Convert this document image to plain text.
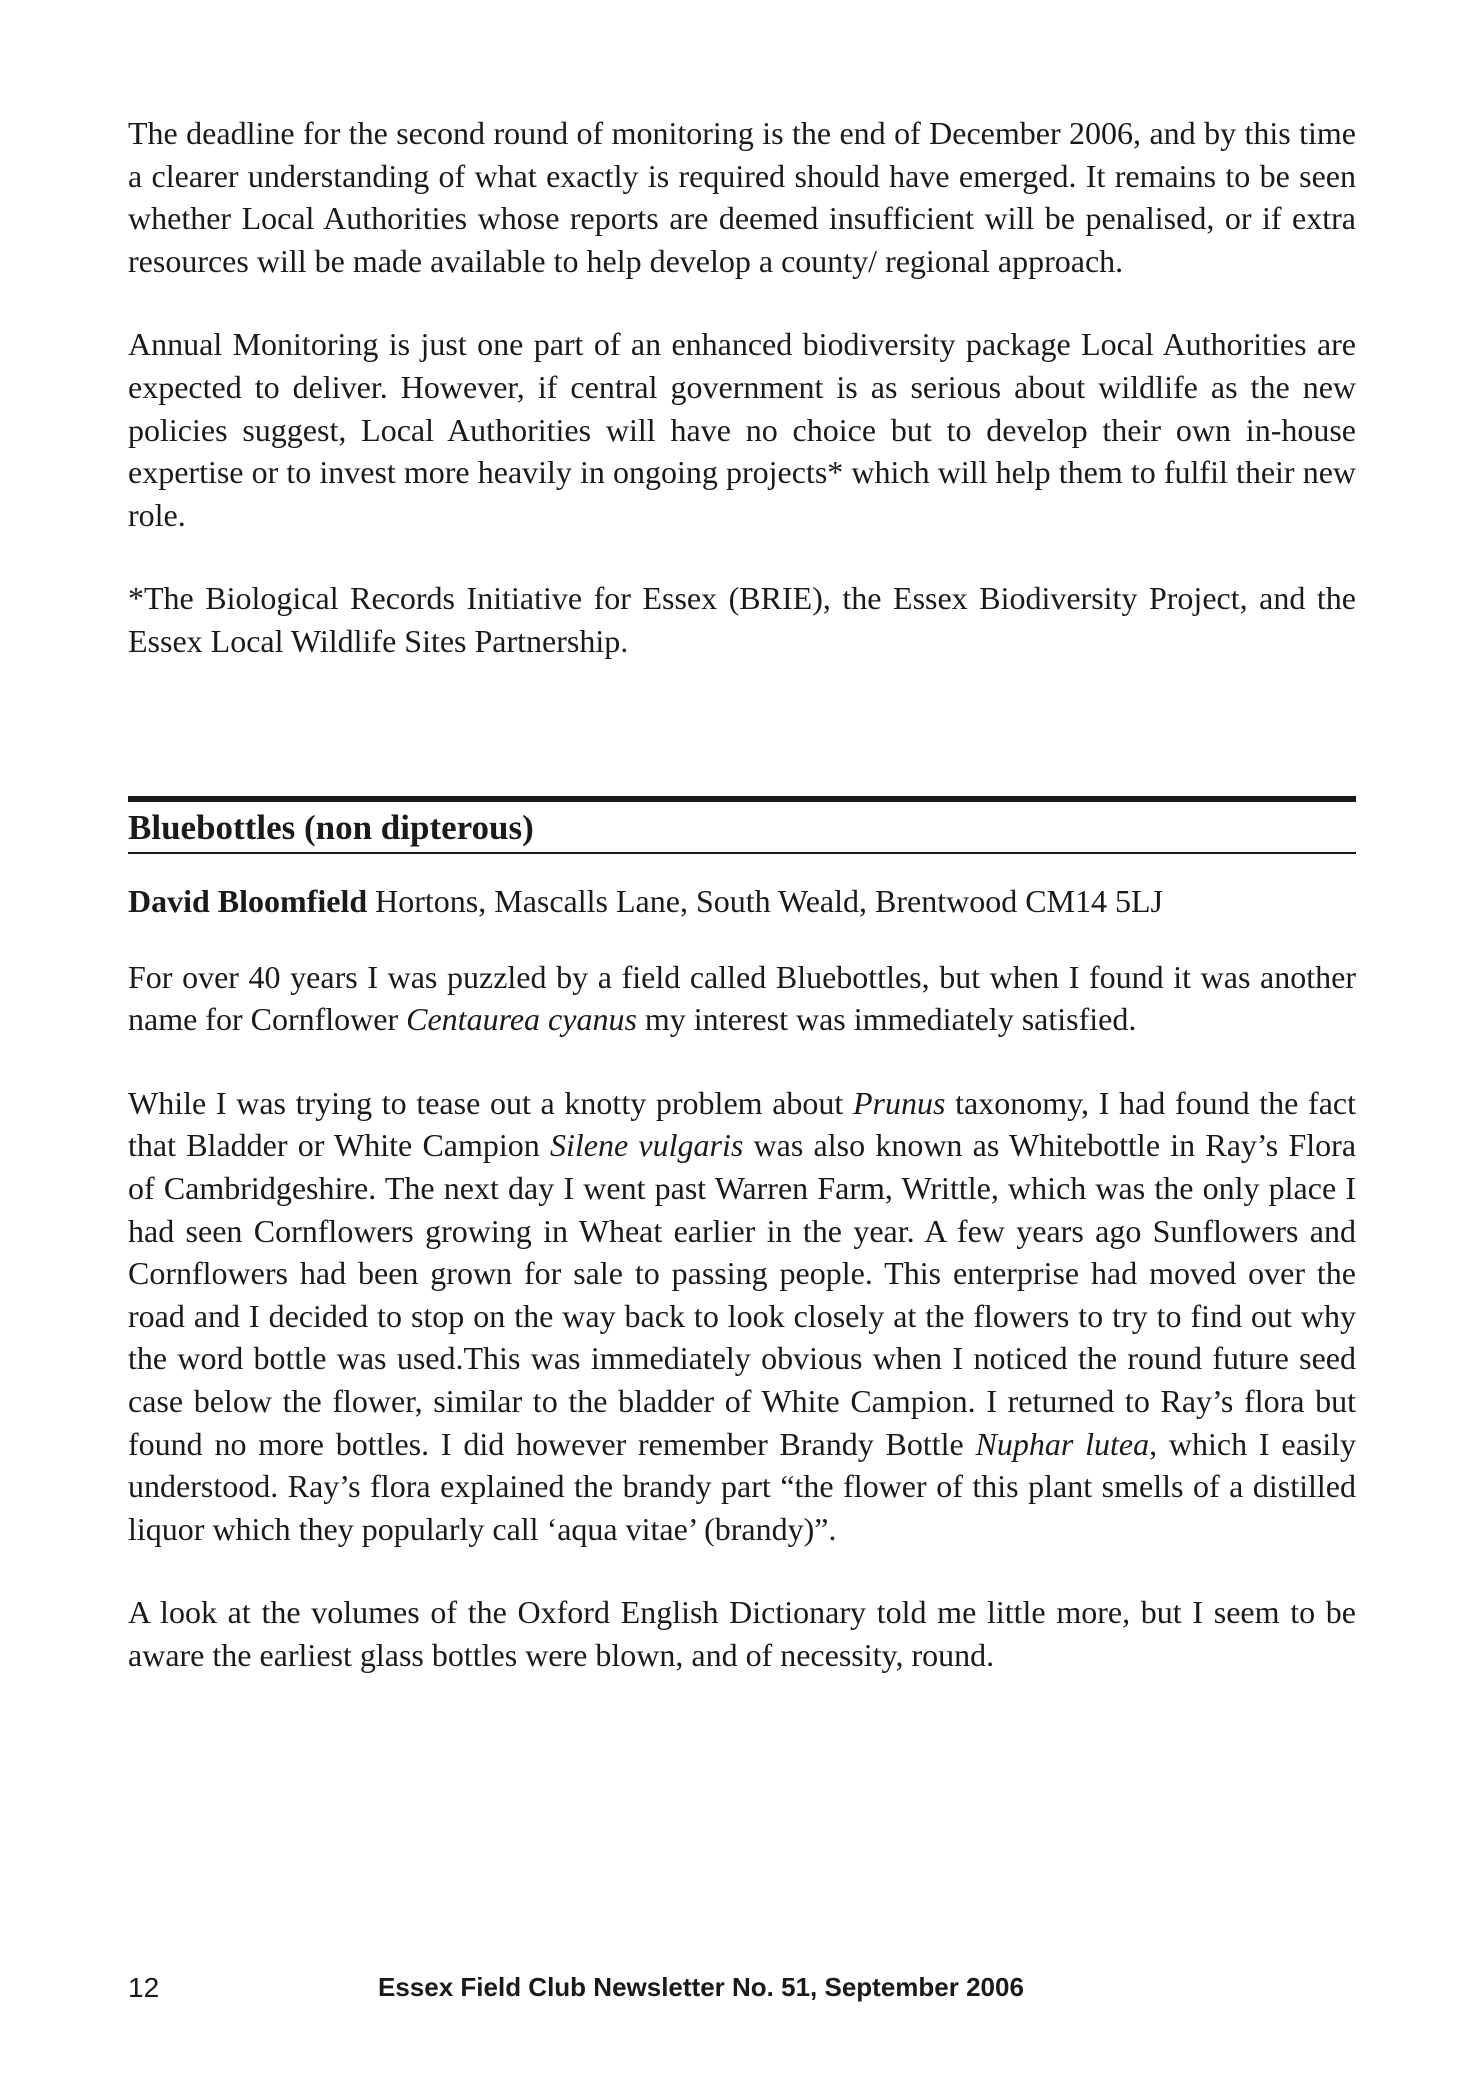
The deadline for the second round of monitoring is the end of December 2006, and by this time a clearer understanding of what exactly is required should have emerged. It remains to be seen whether Local Authorities whose reports are deemed insufficient will be penalised, or if extra resources will be made available to help develop a county/ regional approach.

Annual Monitoring is just one part of an enhanced biodiversity package Local Authorities are expected to deliver. However, if central government is as serious about wildlife as the new policies suggest, Local Authorities will have no choice but to develop their own in-house expertise or to invest more heavily in ongoing projects* which will help them to fulfil their new role.

*The Biological Records Initiative for Essex (BRIE), the Essex Biodiversity Project, and the Essex Local Wildlife Sites Partnership.

Bluebottles (non dipterous)
David Bloomfield Hortons, Mascalls Lane, South Weald, Brentwood CM14 5LJ

For over 40 years I was puzzled by a field called Bluebottles, but when I found it was another name for Cornflower Centaurea cyanus my interest was immediately satisfied.

While I was trying to tease out a knotty problem about Prunus taxonomy, I had found the fact that Bladder or White Campion Silene vulgaris was also known as Whitebottle in Ray’s Flora of Cambridgeshire. The next day I went past Warren Farm, Writtle, which was the only place I had seen Cornflowers growing in Wheat earlier in the year. A few years ago Sunflowers and Cornflowers had been grown for sale to passing people. This enterprise had moved over the road and I decided to stop on the way back to look closely at the flowers to try to find out why the word bottle was used.This was immediately obvious when I noticed the round future seed case below the flower, similar to the bladder of White Campion. I returned to Ray’s flora but found no more bottles. I did however remember Brandy Bottle Nuphar lutea, which I easily understood. Ray’s flora explained the brandy part “the flower of this plant smells of a distilled liquor which they popularly call ‘aqua vitae’ (brandy)”.

A look at the volumes of the Oxford English Dictionary told me little more, but I seem to be aware the earliest glass bottles were blown, and of necessity, round.

12	Essex Field Club Newsletter No. 51, September 2006
